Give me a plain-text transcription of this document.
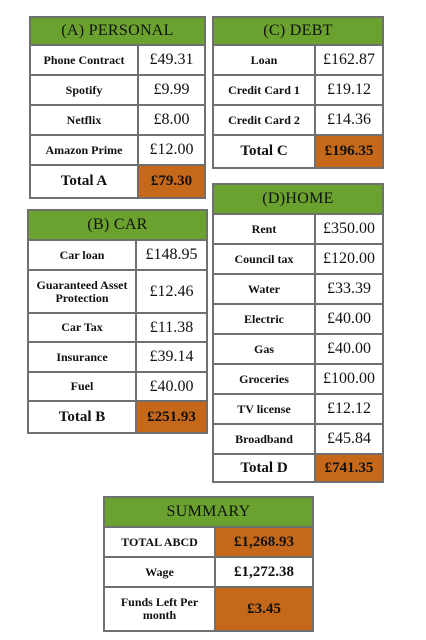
(A) PERSONAL
Phone Contract	£49.31
Spotify	£9.99
Netflix	£8.00
Amazon Prime	£12.00
Total A	£79.30
(C) DEBT
Loan	£162.87
Credit Card 1	£19.12
Credit Card 2	£14.36
Total C	£196.35
(B) CAR
Car loan	£148.95
Guaranteed Asset Protection	£12.46
Car Tax	£11.38
Insurance	£39.14
Fuel	£40.00
Total B	£251.93
(D)HOME
Rent	£350.00
Council tax	£120.00
Water	£33.39
Electric	£40.00
Gas	£40.00
Groceries	£100.00
TV license	£12.12
Broadband	£45.84
Total D	£741.35
SUMMARY
TOTAL ABCD	£1,268.93
Wage	£1,272.38
Funds Left Per month	£3.45
